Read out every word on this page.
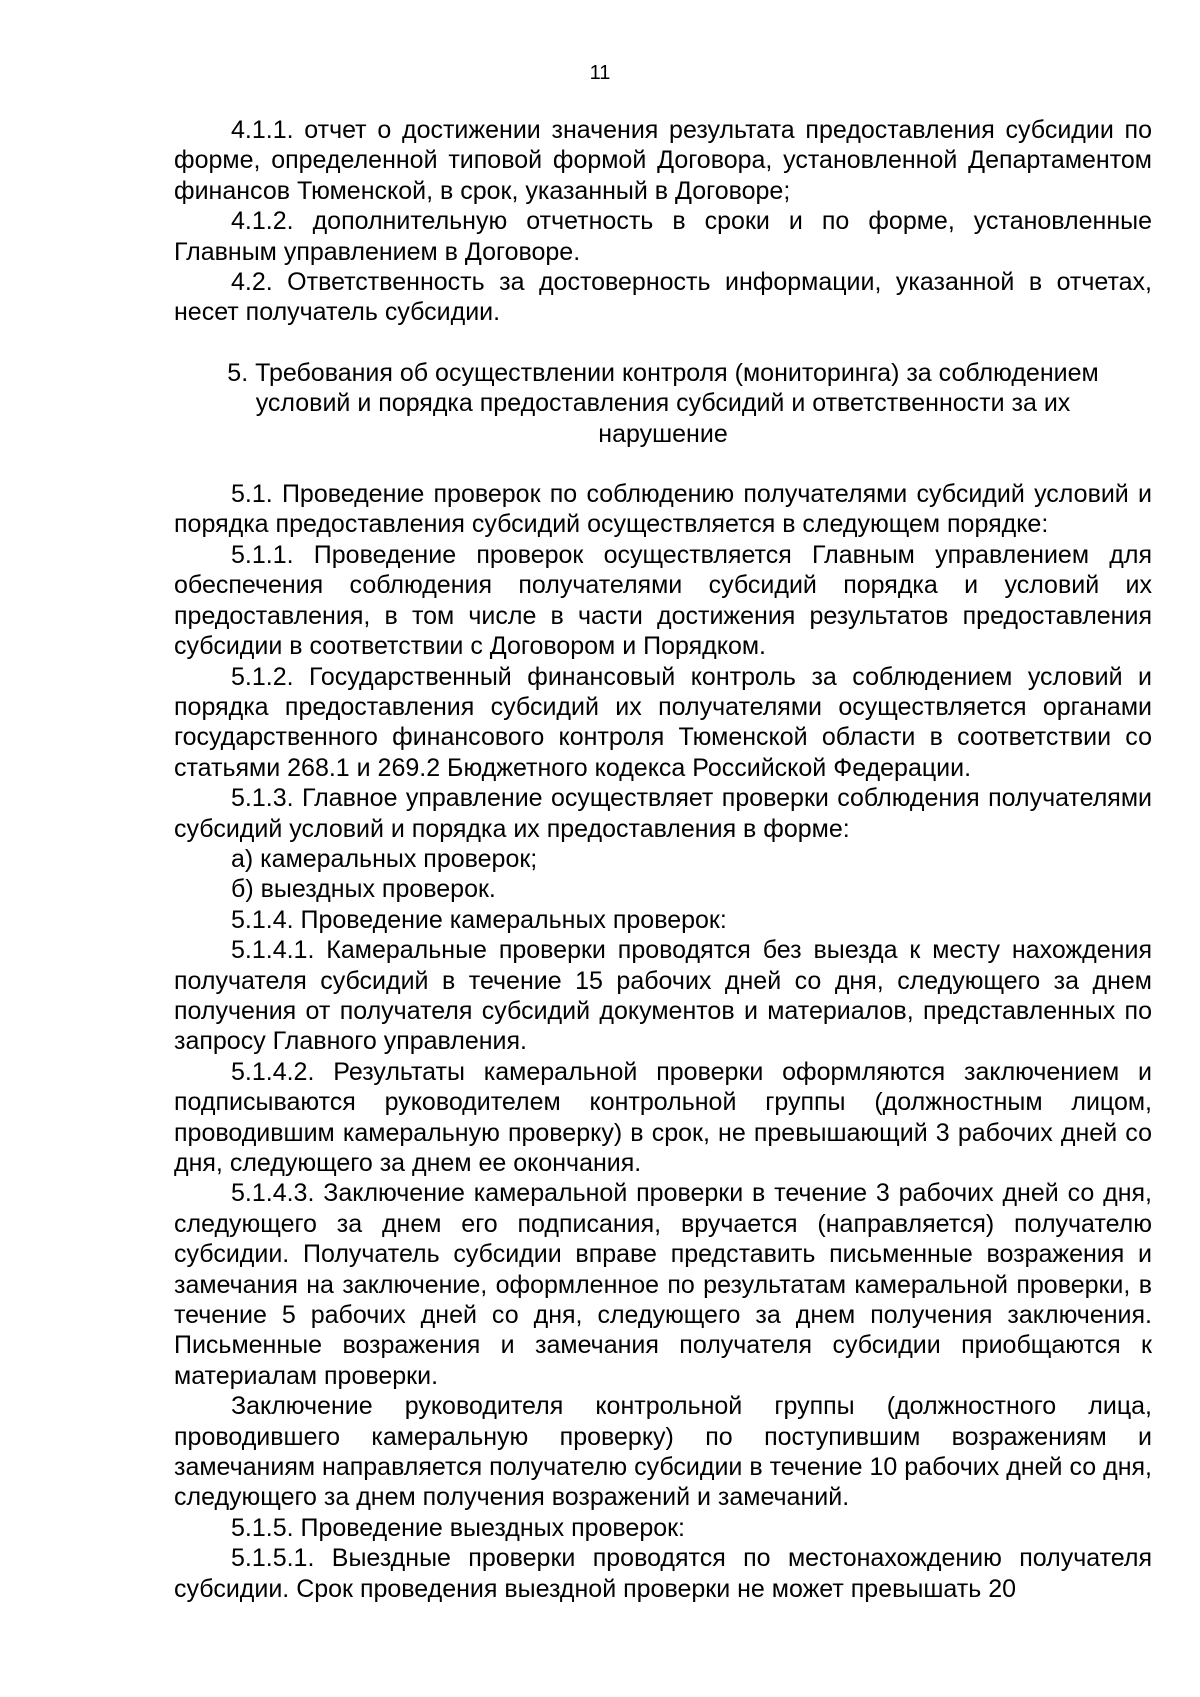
11

4.1.1. отчет о достижении значения результата предоставления субсидии по форме, определенной типовой формой Договора, установленной Департаментом финансов Тюменской, в срок, указанный в Договоре;

4.1.2. дополнительную отчетность в сроки и по форме, установленные Главным управлением в Договоре.

4.2. Ответственность за достоверность информации, указанной в отчетах, несет получатель субсидии.

5. Требования об осуществлении контроля (мониторинга) за соблюдением
условий и порядка предоставления субсидий и ответственности за их
нарушение

5.1. Проведение проверок по соблюдению получателями субсидий условий и порядка предоставления субсидий осуществляется в следующем порядке:

5.1.1. Проведение проверок осуществляется Главным управлением для обеспечения соблюдения получателями субсидий порядка и условий их предоставления, в том числе в части достижения результатов предоставления субсидии в соответствии с Договором и Порядком.

5.1.2. Государственный финансовый контроль за соблюдением условий и порядка предоставления субсидий их получателями осуществляется органами государственного финансового контроля Тюменской области в соответствии со статьями 268.1 и 269.2 Бюджетного кодекса Российской Федерации.

5.1.3. Главное управление осуществляет проверки соблюдения получателями субсидий условий и порядка их предоставления в форме:

а) камеральных проверок;

б) выездных проверок.

5.1.4. Проведение камеральных проверок:

5.1.4.1. Камеральные проверки проводятся без выезда к месту нахождения получателя субсидий в течение 15 рабочих дней со дня, следующего за днем получения от получателя субсидий документов и материалов, представленных по запросу Главного управления.

5.1.4.2. Результаты камеральной проверки оформляются заключением и подписываются руководителем контрольной группы (должностным лицом, проводившим камеральную проверку) в срок, не превышающий 3 рабочих дней со дня, следующего за днем ее окончания.

5.1.4.3. Заключение камеральной проверки в течение 3 рабочих дней со дня, следующего за днем его подписания, вручается (направляется) получателю субсидии. Получатель субсидии вправе представить письменные возражения и замечания на заключение, оформленное по результатам камеральной проверки, в течение 5 рабочих дней со дня, следующего за днем получения заключения. Письменные возражения и замечания получателя субсидии приобщаются к материалам проверки.

Заключение руководителя контрольной группы (должностного лица, проводившего камеральную проверку) по поступившим возражениям и замечаниям направляется получателю субсидии в течение 10 рабочих дней со дня, следующего за днем получения возражений и замечаний.

5.1.5. Проведение выездных проверок:

5.1.5.1. Выездные проверки проводятся по местонахождению получателя субсидии. Срок проведения выездной проверки не может превышать 20
